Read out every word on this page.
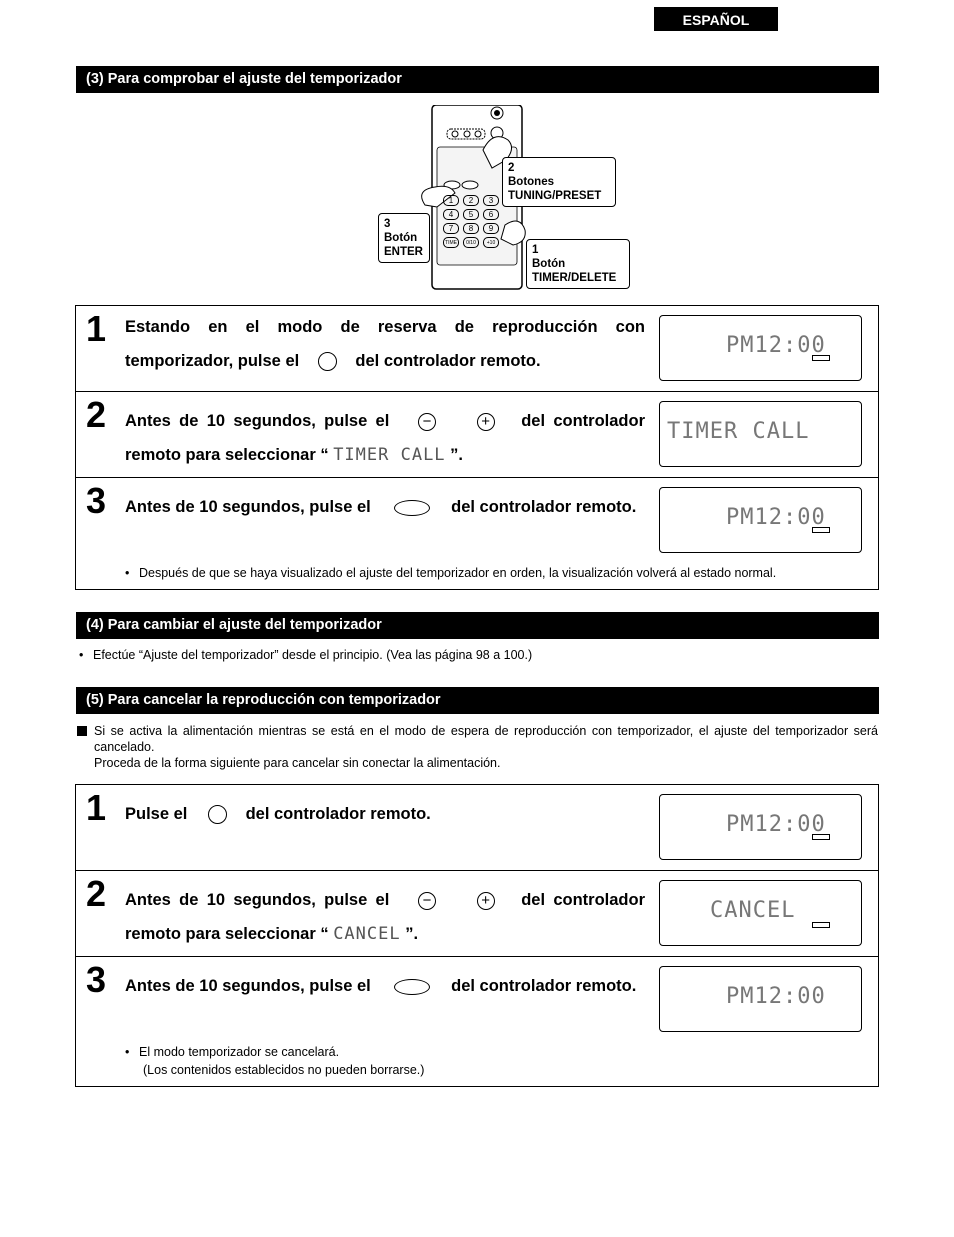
ESPAÑOL
(3) Para comprobar el ajuste del temporizador
1	2	3
4	5	6
7	8	9
TIME	0/10	+10
2
Botones
TUNING/PRESET
3
Botón
ENTER	1
Botón
TIMER/DELETE
1 Estando en el modo de reserva de reproducción con temporizador, pulse el	del controlador remoto.
PM12:00
2 Antes de 10 segundos, pulse el −	+ del controlador remoto para seleccionar “ TIMER CALL ”.
TIMER CALL
3 Antes de 10 segundos, pulse el	del controlador remoto.	PM12:00
• Después de que se haya visualizado el ajuste del temporizador en orden, la visualización volverá al estado normal.
(4) Para cambiar el ajuste del temporizador
• Efectúe “Ajuste del temporizador” desde el principio. (Vea las página 98 a 100.)
(5) Para cancelar la reproducción con temporizador
Si se activa la alimentación mientras se está en el modo de espera de reproducción con temporizador, el ajuste del temporizador será cancelado.
Proceda de la forma siguiente para cancelar sin conectar la alimentación.
1 Pulse el	del controlador remoto.	PM12:00
2 Antes de 10 segundos, pulse el −	+ del controlador remoto para seleccionar “ CANCEL ”.
CANCEL
3 Antes de 10 segundos, pulse el	del controlador remoto.	PM12:00
• El modo temporizador se cancelará.
(Los contenidos establecidos no pueden borrarse.)
